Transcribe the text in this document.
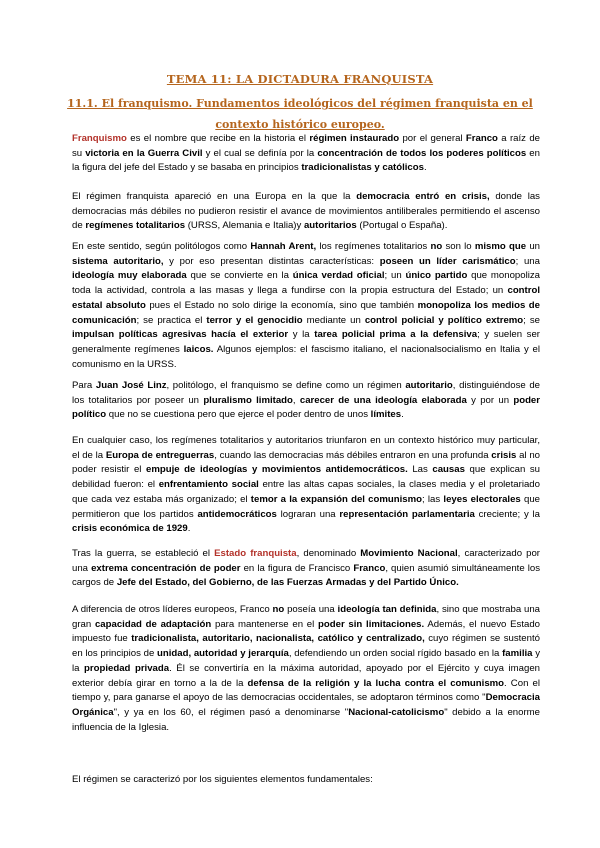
TEMA 11: LA DICTADURA FRANQUISTA
11.1. El franquismo. Fundamentos ideológicos del régimen franquista en el
contexto histórico europeo.

Franquismo es el nombre que recibe en la historia el régimen instaurado por el general Franco a raíz de su victoria en la Guerra Civil y el cual se definía por la concentración de todos los poderes políticos en la figura del jefe del Estado y se basaba en principios tradicionalistas y católicos.

El régimen franquista apareció en una Europa en la que la democracia entró en crisis, donde las democracias más débiles no pudieron resistir el avance de movimientos antiliberales permitiendo el ascenso de regímenes totalitarios (URSS, Alemania e Italia)y autoritarios (Portugal o España).

En este sentido, según politólogos como Hannah Arent, los regímenes totalitarios no son lo mismo que un sistema autoritario, y por eso presentan distintas características: poseen un líder carismático; una ideología muy elaborada que se convierte en la única verdad oficial; un único partido que monopoliza toda la actividad, controla a las masas y llega a fundirse con la propia estructura del Estado; un control estatal absoluto pues el Estado no solo dirige la economía, sino que también monopoliza los medios de comunicación; se practica el terror y el genocidio mediante un control policial y político extremo; se impulsan políticas agresivas hacía el exterior y la tarea policial prima a la defensiva; y suelen ser generalmente regímenes laicos. Algunos ejemplos: el fascismo italiano, el nacionalsocialismo en Italia y el comunismo en la URSS.

Para Juan José Linz, politólogo, el franquismo se define como un régimen autoritario, distinguiéndose de los totalitarios por poseer un pluralismo limitado, carecer de una ideología elaborada y por un poder político que no se cuestiona pero que ejerce el poder dentro de unos límites.

En cualquier caso, los regímenes totalitarios y autoritarios triunfaron en un contexto histórico muy particular, el de la Europa de entreguerras, cuando las democracias más débiles entraron en una profunda crisis al no poder resistir el empuje de ideologías y movimientos antidemocráticos. Las causas que explican su debilidad fueron: el enfrentamiento social entre las altas capas sociales, la clases media y el proletariado que cada vez estaba más organizado; el temor a la expansión del comunismo; las leyes electorales que permitieron que los partidos antidemocráticos lograran una representación parlamentaria creciente; y la crisis económica de 1929.

Tras la guerra, se estableció el Estado franquista, denominado Movimiento Nacional, caracterizado por una extrema concentración de poder en la figura de Francisco Franco, quien asumió simultáneamente los cargos de Jefe del Estado, del Gobierno, de las Fuerzas Armadas y del Partido Único.

A diferencia de otros líderes europeos, Franco no poseía una ideología tan definida, sino que mostraba una gran capacidad de adaptación para mantenerse en el poder sin limitaciones. Además, el nuevo Estado impuesto fue tradicionalista, autoritario, nacionalista, católico y centralizado, cuyo régimen se sustentó en los principios de unidad, autoridad y jerarquía, defendiendo un orden social rígido basado en la familia y la propiedad privada. Él se convertiría en la máxima autoridad, apoyado por el Ejército y cuya imagen exterior debía girar en torno a la de la defensa de la religión y la lucha contra el comunismo. Con el tiempo y, para ganarse el apoyo de las democracias occidentales, se adoptaron términos como "Democracia Orgánica", y ya en los 60, el régimen pasó a denominarse "Nacional-catolicismo" debido a la enorme influencia de la Iglesia.

El régimen se caracterizó por los siguientes elementos fundamentales:
